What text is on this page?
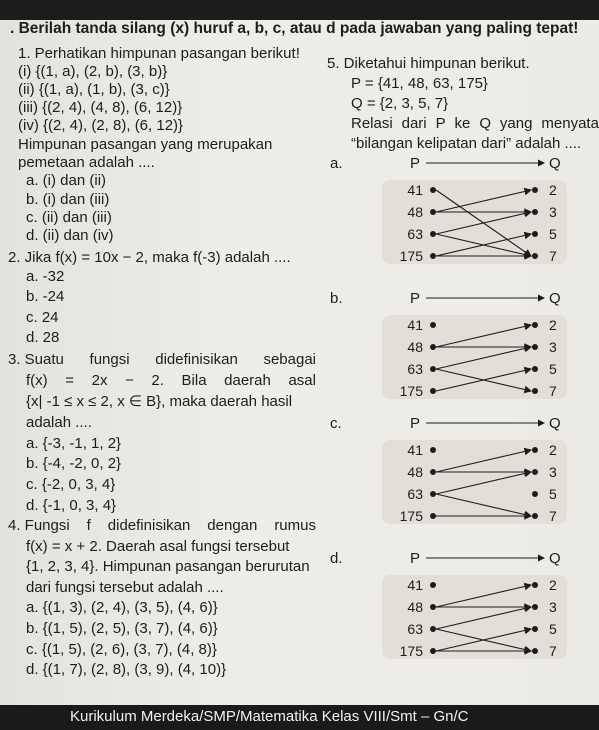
. Berilah tanda silang (x) huruf a, b, c, atau d pada jawaban yang paling tepat!
1. Perhatikan himpunan pasangan berikut!
(i) {(1, a), (2, b), (3, b)}
(ii) {(1, a), (1, b), (3, c)}
(iii) {(2, 4), (4, 8), (6, 12)}
(iv) {(2, 4), (2, 8), (6, 12)}
Himpunan pasangan yang merupakan
pemetaan adalah ....
a. (i) dan (ii)
b. (i) dan (iii)
c. (ii) dan (iii)
d. (ii) dan (iv)
2. Jika f(x) = 10x − 2, maka f(-3) adalah ....
a. -32
b. -24
c. 24
d. 28
3. Suatu fungsi didefinisikan sebagai
f(x) = 2x − 2. Bila daerah asal
{x| -1 ≤ x ≤ 2, x ∈ B}, maka daerah hasil
adalah ....
a. {-3, -1, 1, 2}
b. {-4, -2, 0, 2}
c. {-2, 0, 3, 4}
d. {-1, 0, 3, 4}
4. Fungsi f didefinisikan dengan rumus
f(x) = x + 2. Daerah asal fungsi tersebut
{1, 2, 3, 4}. Himpunan pasangan berurutan
dari fungsi tersebut adalah ....
a. {(1, 3), (2, 4), (3, 5), (4, 6)}
b. {(1, 5), (2, 5), (3, 7), (4, 6)}
c. {(1, 5), (2, 6), (3, 7), (4, 8)}
d. {(1, 7), (2, 8), (3, 9), (4, 10)}
5. Diketahui himpunan berikut.
P = {41, 48, 63, 175}
Q = {2, 3, 5, 7}
Relasi dari P ke Q yang menyata
“bilangan kelipatan dari” adalah ....
a.	P	Q
41
48
63
175
2
3
5
7
b.	P	Q
41
48
63
175
2
3
5
7
c.	P	Q
41
48
63
175
2
3
5
7
d.	P	Q
41
48
63
175
2
3
5
7
Kurikulum Merdeka/SMP/Matematika Kelas VIII/Smt – Gn/C
